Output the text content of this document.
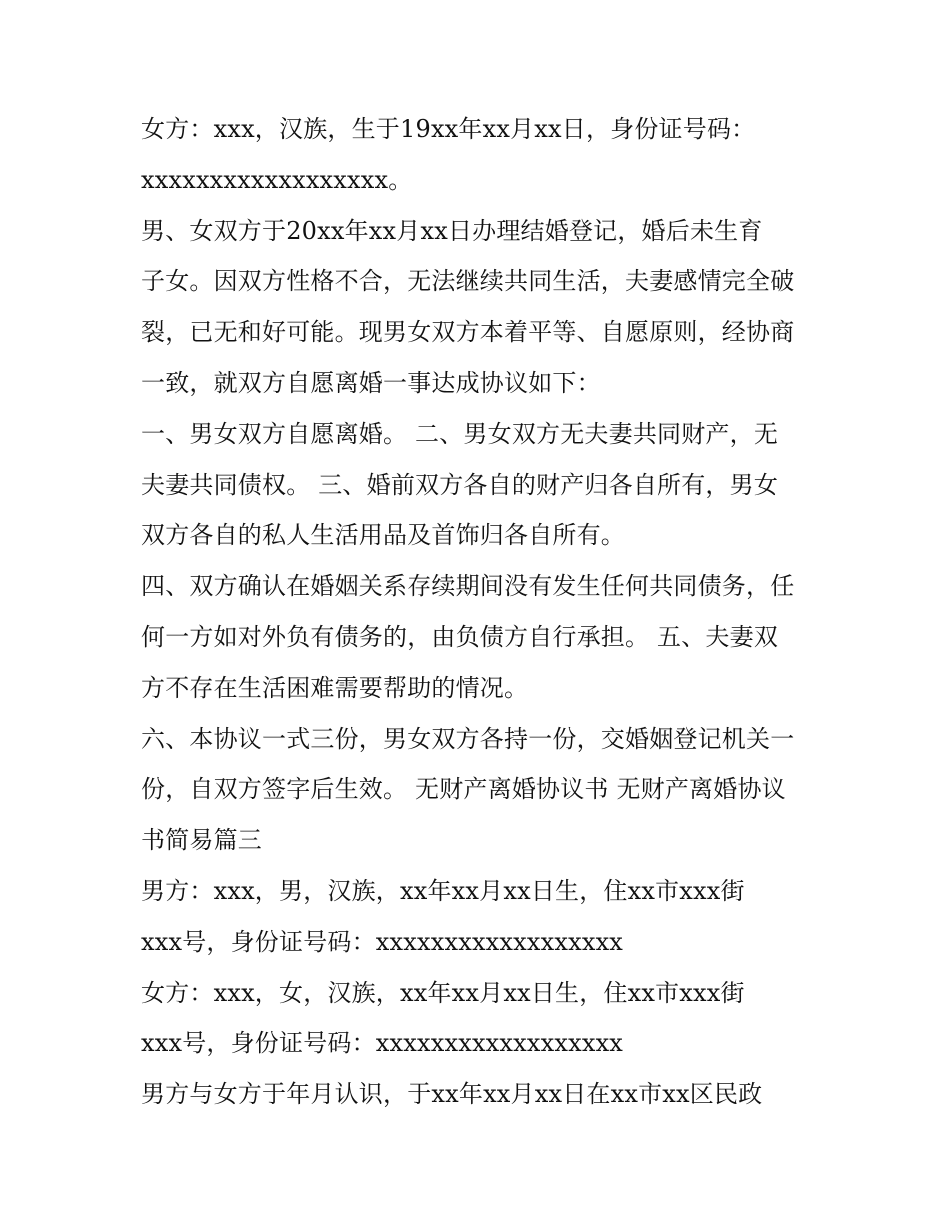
女方：xxx，汉族，生于19xx年xx月xx日，身份证号码：
xxxxxxxxxxxxxxxxxx。
男、女双方于20xx年xx月xx日办理结婚登记，婚后未生育
子女。因双方性格不合，无法继续共同生活，夫妻感情完全破
裂，已无和好可能。现男女双方本着平等、自愿原则，经协商
一致，就双方自愿离婚一事达成协议如下：
一、男女双方自愿离婚。 二、男女双方无夫妻共同财产，无
夫妻共同债权。 三、婚前双方各自的财产归各自所有，男女
双方各自的私人生活用品及首饰归各自所有。
四、双方确认在婚姻关系存续期间没有发生任何共同债务，任
何一方如对外负有债务的，由负债方自行承担。 五、夫妻双
方不存在生活困难需要帮助的情况。
六、本协议一式三份，男女双方各持一份，交婚姻登记机关一
份，自双方签字后生效。 无财产离婚协议书 无财产离婚协议
书简易篇三
男方：xxx，男，汉族，xx年xx月xx日生，住xx市xxx街
xxx号，身份证号码：xxxxxxxxxxxxxxxxxx
女方：xxx，女，汉族，xx年xx月xx日生，住xx市xxx街
xxx号，身份证号码：xxxxxxxxxxxxxxxxxx
男方与女方于年月认识，于xx年xx月xx日在xx市xx区民政
